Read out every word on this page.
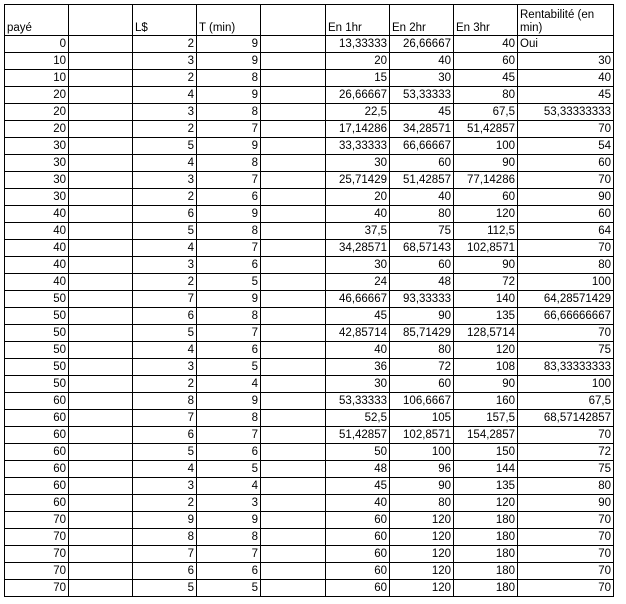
payé		L$	T (min)		En 1hr	En 2hr	En 3hr	Rentabilité (en min)
0		2	9		13,33333	26,66667	40	Oui
10		3	9		20	40	60	30
10		2	8		15	30	45	40
20		4	9		26,66667	53,33333	80	45
20		3	8		22,5	45	67,5	53,33333333
20		2	7		17,14286	34,28571	51,42857	70
30		5	9		33,33333	66,66667	100	54
30		4	8		30	60	90	60
30		3	7		25,71429	51,42857	77,14286	70
30		2	6		20	40	60	90
40		6	9		40	80	120	60
40		5	8		37,5	75	112,5	64
40		4	7		34,28571	68,57143	102,8571	70
40		3	6		30	60	90	80
40		2	5		24	48	72	100
50		7	9		46,66667	93,33333	140	64,28571429
50		6	8		45	90	135	66,66666667
50		5	7		42,85714	85,71429	128,5714	70
50		4	6		40	80	120	75
50		3	5		36	72	108	83,33333333
50		2	4		30	60	90	100
60		8	9		53,33333	106,6667	160	67,5
60		7	8		52,5	105	157,5	68,57142857
60		6	7		51,42857	102,8571	154,2857	70
60		5	6		50	100	150	72
60		4	5		48	96	144	75
60		3	4		45	90	135	80
60		2	3		40	80	120	90
70		9	9		60	120	180	70
70		8	8		60	120	180	70
70		7	7		60	120	180	70
70		6	6		60	120	180	70
70		5	5		60	120	180	70
